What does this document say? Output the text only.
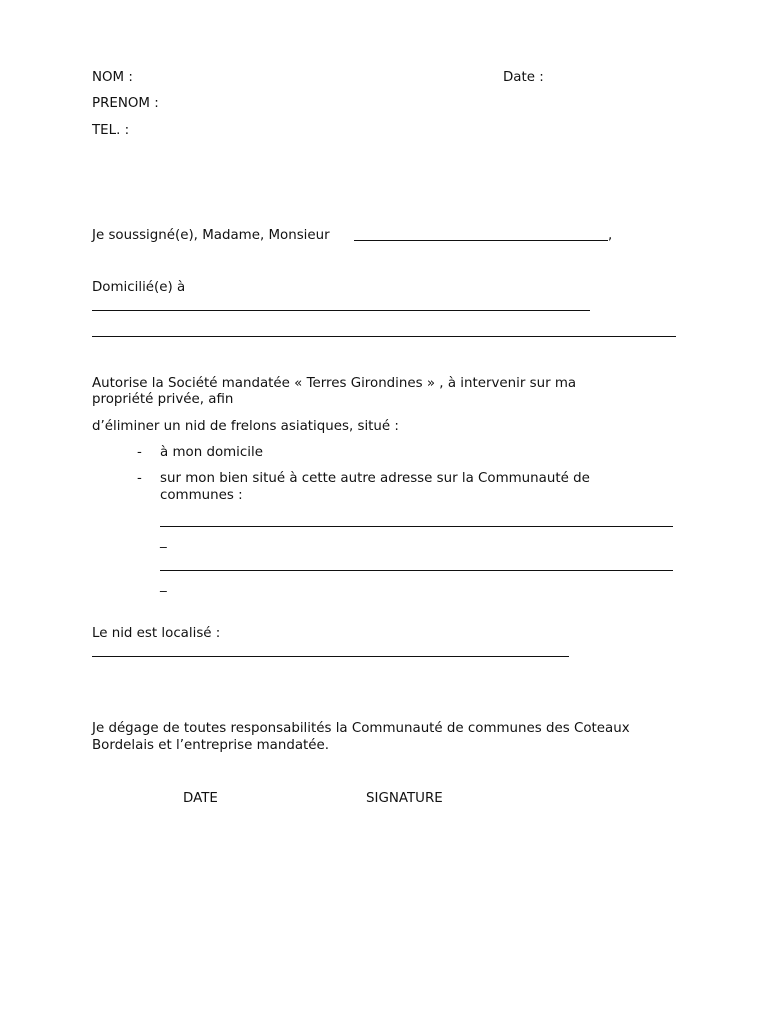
NOM :	Date :
PRENOM :
TEL. :
Je soussigné(e), Madame, Monsieur	,
Domicilié(e) à
Autorise la Société mandatée « Terres Girondines » , à intervenir sur ma
propriété privée, afin
d’éliminer un nid de frelons asiatiques, situé :
- à mon domicile
- sur mon bien situé à cette autre adresse sur la Communauté de
communes :
_
_
Le nid est localisé :
Je dégage de toutes responsabilités la Communauté de communes des Coteaux
Bordelais et l’entreprise mandatée.
DATE	SIGNATURE
